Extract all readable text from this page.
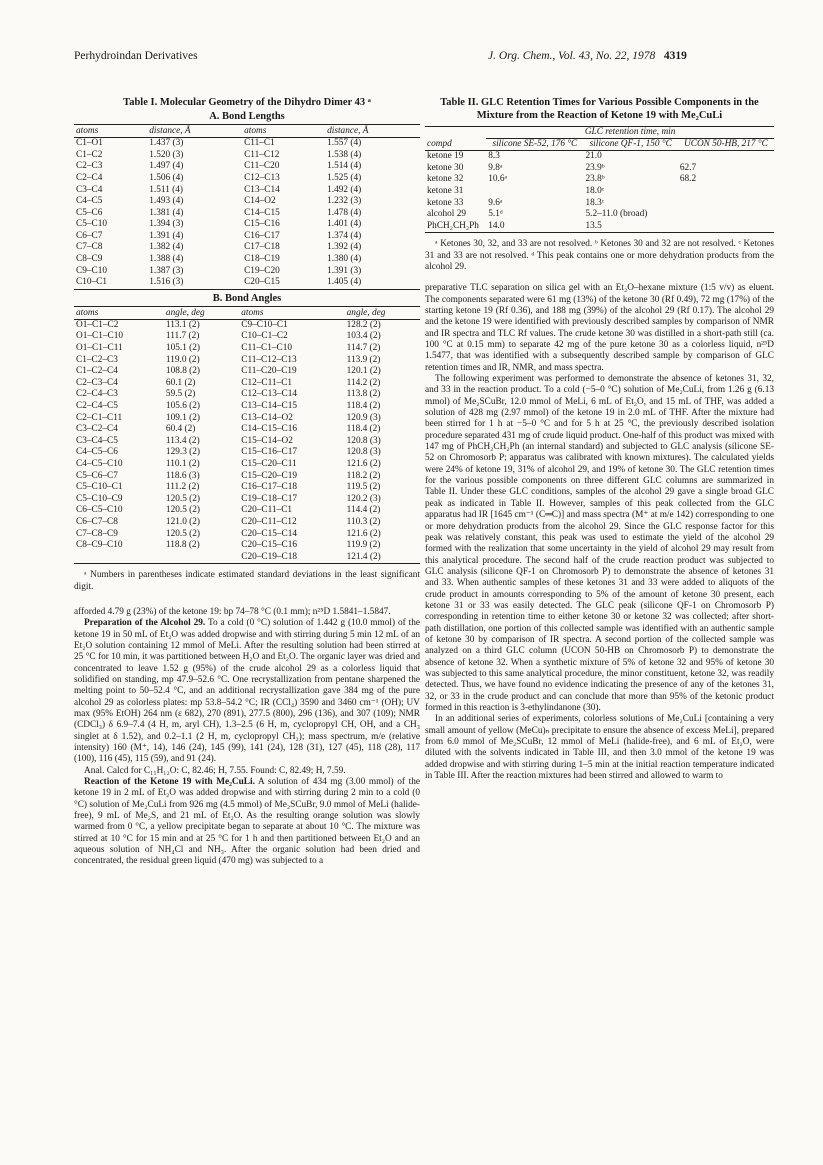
Perhydroindan Derivatives	J. Org. Chem., Vol. 43, No. 22, 1978 4319
Table I. Molecular Geometry of the Dihydro Dimer 43 ᵃ
A. Bond Lengths
atoms	distance, Å	atoms	distance, Å
C1–O1	1.437 (3)	C11–C1	1.557 (4)
C1–C2	1.520 (3)	C11–C12	1.538 (4)
C2–C3	1.497 (4)	C11–C20	1.514 (4)
C2–C4	1.506 (4)	C12–C13	1.525 (4)
C3–C4	1.511 (4)	C13–C14	1.492 (4)
C4–C5	1.493 (4)	C14–O2	1.232 (3)
C5–C6	1.381 (4)	C14–C15	1.478 (4)
C5–C10	1.394 (3)	C15–C16	1.401 (4)
C6–C7	1.391 (4)	C16–C17	1.374 (4)
C7–C8	1.382 (4)	C17–C18	1.392 (4)
C8–C9	1.388 (4)	C18–C19	1.380 (4)
C9–C10	1.387 (3)	C19–C20	1.391 (3)
C10–C1	1.516 (3)	C20–C15	1.405 (4)
B. Bond Angles
atoms	angle, deg	atoms	angle, deg
O1–C1–C2	113.1 (2)	C9–C10–C1	128.2 (2)
O1–C1–C10	111.7 (2)	C10–C1–C2	103.4 (2)
O1–C1–C11	105.1 (2)	C11–C1–C10	114.7 (2)
C1–C2–C3	119.0 (2)	C11–C12–C13	113.9 (2)
C1–C2–C4	108.8 (2)	C11–C20–C19	120.1 (2)
C2–C3–C4	60.1 (2)	C12–C11–C1	114.2 (2)
C2–C4–C3	59.5 (2)	C12–C13–C14	113.8 (2)
C2–C4–C5	105.6 (2)	C13–C14–C15	118.4 (2)
C2–C1–C11	109.1 (2)	C13–C14–O2	120.9 (3)
C3–C2–C4	60.4 (2)	C14–C15–C16	118.4 (2)
C3–C4–C5	113.4 (2)	C15–C14–O2	120.8 (3)
C4–C5–C6	129.3 (2)	C15–C16–C17	120.8 (3)
C4–C5–C10	110.1 (2)	C15–C20–C11	121.6 (2)
C5–C6–C7	118.6 (3)	C15–C20–C19	118.2 (2)
C5–C10–C1	111.2 (2)	C16–C17–C18	119.5 (2)
C5–C10–C9	120.5 (2)	C19–C18–C17	120.2 (3)
C6–C5–C10	120.5 (2)	C20–C11–C1	114.4 (2)
C6–C7–C8	121.0 (2)	C20–C11–C12	110.3 (2)
C7–C8–C9	120.5 (2)	C20–C15–C14	121.6 (2)
C8–C9–C10	118.8 (2)	C20–C15–C16	119.9 (2)
		C20–C19–C18	121.4 (2)
ᵃ Numbers in parentheses indicate estimated standard deviations in the least significant digit.

afforded 4.79 g (23%) of the ketone 19: bp 74–78 °C (0.1 mm); n²⁵D 1.5841–1.5847.

Preparation of the Alcohol 29. To a cold (0 °C) solution of 1.442 g (10.0 mmol) of the ketone 19 in 50 mL of Et₂O was added dropwise and with stirring during 5 min 12 mL of an Et₂O solution containing 12 mmol of MeLi. After the resulting solution had been stirred at 25 °C for 10 min, it was partitioned between H₂O and Et₂O. The organic layer was dried and concentrated to leave 1.52 g (95%) of the crude alcohol 29 as a colorless liquid that solidified on standing, mp 47.9–52.6 °C. One recrystallization from pentane sharpened the melting point to 50–52.4 °C, and an additional recrystallization gave 384 mg of the pure alcohol 29 as colorless plates: mp 53.8–54.2 °C; IR (CCl₄) 3590 and 3460 cm⁻¹ (OH); UV max (95% EtOH) 264 nm (ε 682), 270 (891), 277.5 (800), 296 (136), and 307 (109); NMR (CDCl₃) δ 6.9–7.4 (4 H, m, aryl CH), 1.3–2.5 (6 H, m, cyclopropyl CH, OH, and a CH₃ singlet at δ 1.52), and 0.2–1.1 (2 H, m, cyclopropyl CH₂); mass spectrum, m/e (relative intensity) 160 (M⁺, 14), 146 (24), 145 (99), 141 (24), 128 (31), 127 (45), 118 (28), 117 (100), 116 (45), 115 (59), and 91 (24).

Anal. Calcd for C₁₁H₁₂O: C, 82.46; H, 7.55. Found: C, 82.49; H, 7.59.

Reaction of the Ketone 19 with Me₂CuLi. A solution of 434 mg (3.00 mmol) of the ketone 19 in 2 mL of Et₂O was added dropwise and with stirring during 2 min to a cold (0 °C) solution of Me₂CuLi from 926 mg (4.5 mmol) of Me₂SCuBr, 9.0 mmol of MeLi (halide-free), 9 mL of Me₂S, and 21 mL of Et₂O. As the resulting orange solution was slowly warmed from 0 °C, a yellow precipitate began to separate at about 10 °C. The mixture was stirred at 10 °C for 15 min and at 25 °C for 1 h and then partitioned between Et₂O and an aqueous solution of NH₄Cl and NH₃. After the organic solution had been dried and concentrated, the residual green liquid (470 mg) was subjected to a

Table II. GLC Retention Times for Various Possible Components in the Mixture from the Reaction of Ketone 19 with Me₂CuLi
	GLC retention time, min		
compd	silicone SE-52, 176 °C	silicone QF-1, 150 °C	UCON 50-HB, 217 °C
ketone 19	8.3	21.0	
ketone 30	9.8ᵃ	23.9ᵇ	62.7
ketone 32	10.6ᵃ	23.8ᵇ	68.2
ketone 31		18.0ᶜ	
ketone 33	9.6ᵃ	18.3ᶜ	
alcohol 29	5.1ᵈ	5.2–11.0 (broad)	
PhCH₂CH₂Ph	14.0	13.5	
ᵃ Ketones 30, 32, and 33 are not resolved. ᵇ Ketones 30 and 32 are not resolved. ᶜ Ketones 31 and 33 are not resolved. ᵈ This peak contains one or more dehydration products from the alcohol 29.

preparative TLC separation on silica gel with an Et₂O–hexane mixture (1:5 v/v) as eluent. The components separated were 61 mg (13%) of the ketone 30 (Rf 0.49), 72 mg (17%) of the starting ketone 19 (Rf 0.36), and 188 mg (39%) of the alcohol 29 (Rf 0.17). The alcohol 29 and the ketone 19 were identified with previously described samples by comparison of NMR and IR spectra and TLC Rf values. The crude ketone 30 was distilled in a short-path still (ca. 100 °C at 0.15 mm) to separate 42 mg of the pure ketone 30 as a colorless liquid, n²⁵D 1.5477, that was identified with a subsequently described sample by comparison of GLC retention times and IR, NMR, and mass spectra.

The following experiment was performed to demonstrate the absence of ketones 31, 32, and 33 in the reaction product. To a cold (−5–0 °C) solution of Me₂CuLi, from 1.26 g (6.13 mmol) of Me₂SCuBr, 12.0 mmol of MeLi, 6 mL of Et₂O, and 15 mL of THF, was added a solution of 428 mg (2.97 mmol) of the ketone 19 in 2.0 mL of THF. After the mixture had been stirred for 1 h at −5–0 °C and for 5 h at 25 °C, the previously described isolation procedure separated 431 mg of crude liquid product. One-half of this product was mixed with 147 mg of PhCH₂CH₂Ph (an internal standard) and subjected to GLC analysis (silicone SE-52 on Chromosorb P; apparatus was calibrated with known mixtures). The calculated yields were 24% of ketone 19, 31% of alcohol 29, and 19% of ketone 30. The GLC retention times for the various possible components on three different GLC columns are summarized in Table II. Under these GLC conditions, samples of the alcohol 29 gave a single broad GLC peak as indicated in Table II. However, samples of this peak collected from the GLC apparatus had IR [1645 cm⁻¹ (C═C)] and mass spectra (M⁺ at m/e 142) corresponding to one or more dehydration products from the alcohol 29. Since the GLC response factor for this peak was relatively constant, this peak was used to estimate the yield of the alcohol 29 formed with the realization that some uncertainty in the yield of alcohol 29 may result from this analytical procedure. The second half of the crude reaction product was subjected to GLC analysis (silicone QF-1 on Chromosorb P) to demonstrate the absence of ketones 31 and 33. When authentic samples of these ketones 31 and 33 were added to aliquots of the crude product in amounts corresponding to 5% of the amount of ketone 30 present, each ketone 31 or 33 was easily detected. The GLC peak (silicone QF-1 on Chromosorb P) corresponding in retention time to either ketone 30 or ketone 32 was collected; after short-path distillation, one portion of this collected sample was identified with an authentic sample of ketone 30 by comparison of IR spectra. A second portion of the collected sample was analyzed on a third GLC column (UCON 50-HB on Chromosorb P) to demonstrate the absence of ketone 32. When a synthetic mixture of 5% of ketone 32 and 95% of ketone 30 was subjected to this same analytical procedure, the minor constituent, ketone 32, was readily detected. Thus, we have found no evidence indicating the presence of any of the ketones 31, 32, or 33 in the crude product and can conclude that more than 95% of the ketonic product formed in this reaction is 3-ethylindanone (30).

In an additional series of experiments, colorless solutions of Me₂CuLi [containing a very small amount of yellow (MeCu)ₙ precipitate to ensure the absence of excess MeLi], prepared from 6.0 mmol of Me₂SCuBr, 12 mmol of MeLi (halide-free), and 6 mL of Et₂O, were diluted with the solvents indicated in Table III, and then 3.0 mmol of the ketone 19 was added dropwise and with stirring during 1–5 min at the initial reaction temperature indicated in Table III. After the reaction mixtures had been stirred and allowed to warm to
